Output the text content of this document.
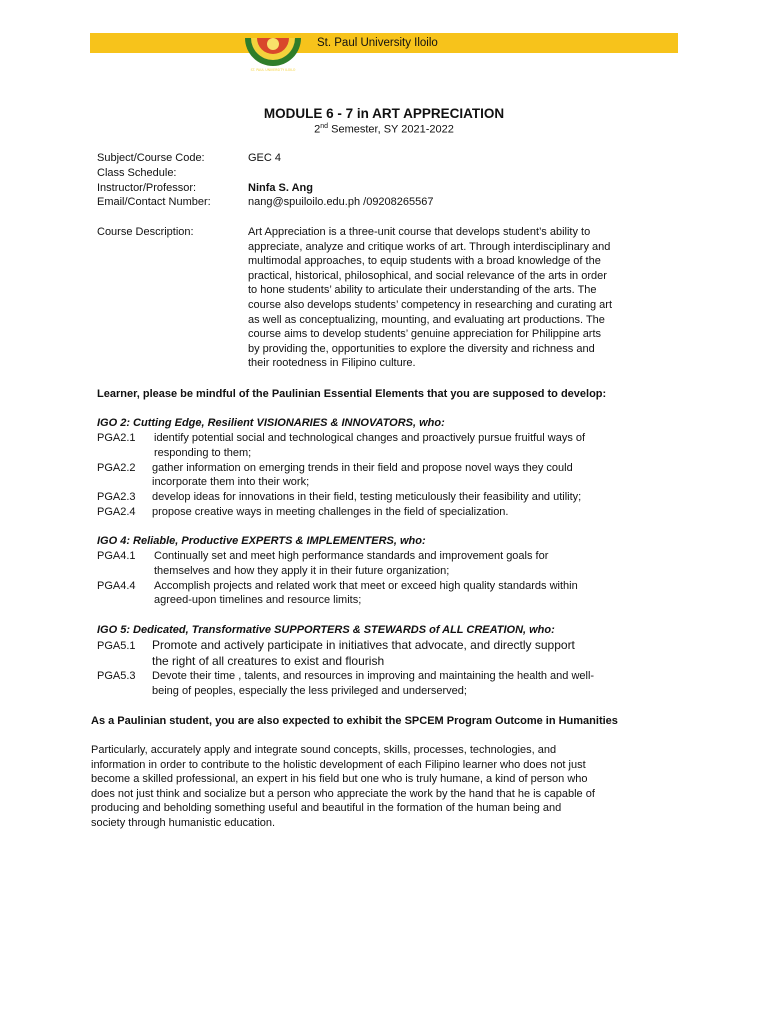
St. Paul University Iloilo
ST. PAUL UNIVERSITY ILOILO
MODULE 6 - 7 in ART APPRECIATION
2nd Semester, SY 2021-2022
Subject/Course Code:	GEC 4
Class Schedule:
Instructor/Professor:	Ninfa S. Ang
Email/Contact Number:	nang@spuiloilo.edu.ph /09208265567
Course Description:	Art Appreciation is a three-unit course that develops student’s ability to

appreciate, analyze and critique works of art. Through interdisciplinary and

multimodal approaches, to equip students with a broad knowledge of the

practical, historical, philosophical, and social relevance of the arts in order

to hone students’ ability to articulate their understanding of the arts. The

course also develops students’ competency in researching and curating art

as well as conceptualizing, mounting, and evaluating art productions. The

course aims to develop students’ genuine appreciation for Philippine arts

by providing the, opportunities to explore the diversity and richness and

their rootedness in Filipino culture.

Learner, please be mindful of the Paulinian Essential Elements that you are supposed to develop:
IGO 2: Cutting Edge, Resilient VISIONARIES & INNOVATORS, who:
PGA2.1 identify potential social and technological changes and proactively pursue fruitful ways of
responding to them;
PGA2.2 gather information on emerging trends in their field and propose novel ways they could
incorporate them into their work;
PGA2.3 develop ideas for innovations in their field, testing meticulously their feasibility and utility;
PGA2.4 propose creative ways in meeting challenges in the field of specialization.
IGO 4: Reliable, Productive EXPERTS & IMPLEMENTERS, who:
PGA4.1 Continually set and meet high performance standards and improvement goals for
themselves and how they apply it in their future organization;
PGA4.4 Accomplish projects and related work that meet or exceed high quality standards within
agreed-upon timelines and resource limits;
IGO 5: Dedicated, Transformative SUPPORTERS & STEWARDS of ALL CREATION, who:
PGA5.1 Promote and actively participate in initiatives that advocate, and directly support
the right of all creatures to exist and flourish
PGA5.3 Devote their time , talents, and resources in improving and maintaining the health and well-
being of peoples, especially the less privileged and underserved;
As a Paulinian student, you are also expected to exhibit the SPCEM Program Outcome in Humanities

Particularly, accurately apply and integrate sound concepts, skills, processes, technologies, and

information in order to contribute to the holistic development of each Filipino learner who does not just

become a skilled professional, an expert in his field but one who is truly humane, a kind of person who

does not just think and socialize but a person who appreciate the work by the hand that he is capable of

producing and beholding something useful and beautiful in the formation of the human being and

society through humanistic education.
